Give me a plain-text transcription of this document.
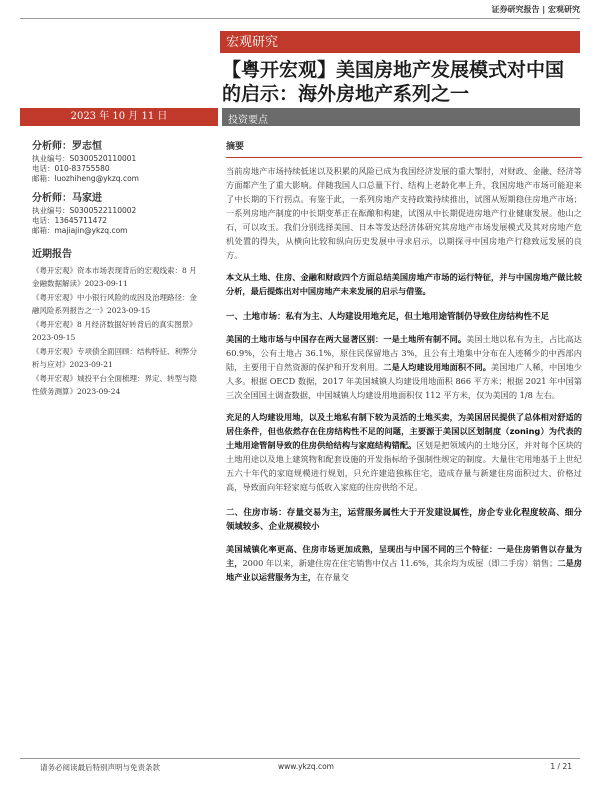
证券研究报告 | 宏观研究
宏观研究
【粤开宏观】美国房地产发展模式对中国的启示：海外房地产系列之一
2023 年 10 月 11 日	投资要点
分析师：罗志恒
执业编号：S0300520110001
电话：010-83755580
邮箱：luozhiheng@ykzq.com
分析师：马家进
执业编号：S0300522110002
电话：13645711472
邮箱：majiajin@ykzq.com
近期报告
《粤开宏观》资本市场表现背后的宏观线索：8 月金融数据解读》2023-09-11
《粤开宏观》中小银行风险的成因及治理路径：金融风险系列报告之一》2023-09-15
《粤开宏观》8 月经济数据好转背后的真实图景》2023-09-15
《粤开宏观》专项债全面回顾：结构特征、利弊分析与应对》2023-09-21
《粤开宏观》城投平台全面梳理：界定、转型与隐性债务测算》2023-09-24
摘要

当前房地产市场持续低迷以及积累的风险已成为我国经济发展的重大掣肘，对财政、金融、经济等方面都产生了重大影响。伴随我国人口总量下行、结构上老龄化率上升，我国房地产市场可能迎来了中长期的下行拐点。有鉴于此，一系列房地产支持政策持续推出，试图从短期稳住房地产市场；一系列房地产制度的中长期变革正在酝酿和构建，试图从中长期促进房地产行业健康发展。他山之石，可以攻玉。我们分别选择美国、日本等发达经济体研究其房地产市场发展模式及其对房地产危机处置的得失，从横向比较和纵向历史发展中寻求启示，以期探寻中国房地产行稳致远发展的良方。

本文从土地、住房、金融和财政四个方面总结美国房地产市场的运行特征，并与中国房地产做比较分析，最后提炼出对中国房地产未来发展的启示与借鉴。

一、土地市场：私有为主、人均建设用地充足，但土地用途管制仍导致住房结构性不足

美国的土地市场与中国存在两大显著区别：一是土地所有制不同。美国土地以私有为主，占比高达 60.9%，公有土地占 36.1%，原住民保留地占 3%，且公有土地集中分布在人迹稀少的中西部内陆，主要用于自然资源的保护和开发利用。二是人均建设用地面积不同。美国地广人稀，中国地少人多。根据 OECD 数据，2017 年美国城镇人均建设用地面积 866 平方米；根据 2021 年中国第三次全国国土调查数据，中国城镇人均建设用地面积仅 112 平方米，仅为美国的 1/8 左右。

充足的人均建设用地，以及土地私有制下较为灵活的土地买卖，为美国居民提供了总体相对舒适的居住条件，但也依然存在住房结构性不足的问题，主要源于美国以区划制度（zoning）为代表的土地用途管制导致的住房供给结构与家庭结构错配。区划是把领域内的土地分区，并对每个区块的土地用途以及地上建筑物和配套设施的开发指标给予强制性规定的制度。大量住宅用地基于上世纪五六十年代的家庭规模进行规划，只允许建造独栋住宅，造成存量与新建住房面积过大、价格过高，导致面向年轻家庭与低收入家庭的住房供给不足。

二、住房市场：存量交易为主，运营服务属性大于开发建设属性，房企专业化程度较高、细分领域较多、企业规模较小

美国城镇化率更高、住房市场更加成熟，呈现出与中国不同的三个特征：一是住房销售以存量为主，2000 年以来，新建住房在住宅销售中仅占 11.6%，其余均为成屋（即二手房）销售；二是房地产业以运营服务为主，在存量交

请务必阅读最后特别声明与免责条款	www.ykzq.com	1 / 21
